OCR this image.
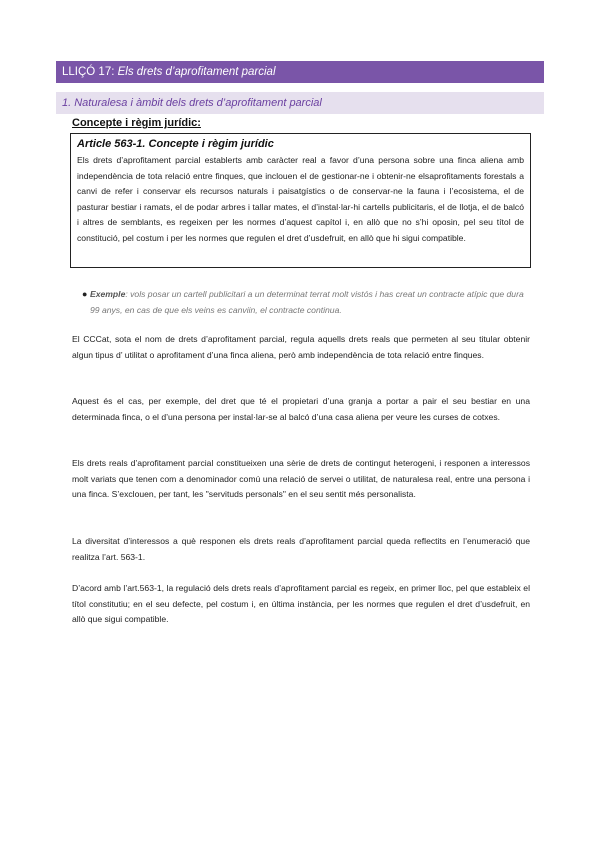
LLIÇÓ 17: Els drets d’aprofitament parcial
1. Naturalesa i àmbit dels drets d’aprofitament parcial
Concepte i règim jurídic:
Article 563-1. Concepte i règim jurídic
Els drets d’aprofitament parcial establerts amb caràcter real a favor d’una persona sobre una finca aliena amb independència de tota relació entre finques, que inclouen el de gestionar-ne i obtenir-ne elsaprofitaments forestals a canvi de refer i conservar els recursos naturals i paisatgístics o de conservar-ne la fauna i l’ecosistema, el de pasturar bestiar i ramats, el de podar arbres i tallar mates, el d’instal·lar-hi cartells publicitaris, el de llotja, el de balcó i altres de semblants, es regeixen per les normes d’aquest capítol i, en allò que no s’hi oposin, pel seu títol de constitució, pel costum i per les normes que regulen el dret d’usdefruit, en allò que hi sigui compatible.
● Exemple: vols posar un cartell publicitari a un determinat terrat molt vistós i has creat un contracte atípic que dura 99 anys, en cas de que els veins es canviin, el contracte continua.
El CCCat, sota el nom de drets d’aprofitament parcial, regula aquells drets reals que permeten al seu titular obtenir algun tipus d’ utilitat o aprofitament d’una finca aliena, però amb independència de tota relació entre finques.
Aquest és el cas, per exemple, del dret que té el propietari d’una granja a portar a pair el seu bestiar en una determinada finca, o el d’una persona per instal·lar-se al balcó d’una casa aliena per veure les curses de cotxes.
Els drets reals d’aprofitament parcial constitueixen una sèrie de drets de contingut heterogeni, i responen a interessos molt variats que tenen com a denominador comú una relació de servei o utilitat, de naturalesa real, entre una persona i una finca. S’exclouen, per tant, les "servituds personals" en el seu sentit més personalista.
La diversitat d’interessos a què responen els drets reals d’aprofitament parcial queda reflectits en l’enumeració que realitza l’art. 563-1.
D’acord amb l’art.563-1, la regulació dels drets reals d’aprofitament parcial es regeix, en primer lloc, pel que estableix el títol constitutiu; en el seu defecte, pel costum i, en última instància, per les normes que regulen el dret d’usdefruit, en allò que sigui compatible.
